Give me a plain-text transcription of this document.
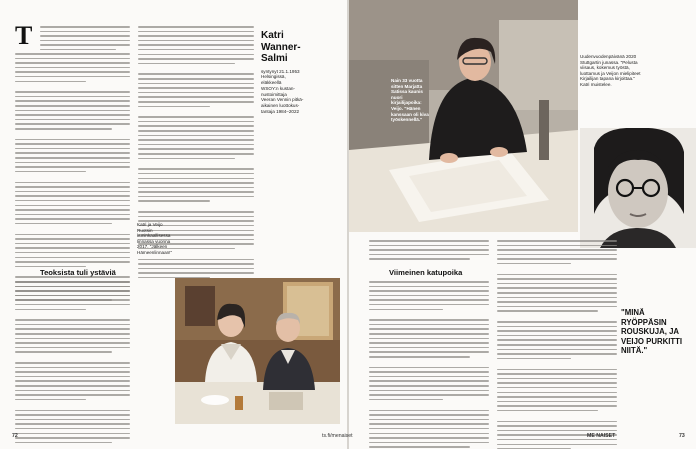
T
Teoksista tuli ystäviä
Katri
Wanner-
Salmi
syntynyt 21.1.1953
Helsingissä,
eläkkeellä
WSOY:n kustan-
nustoimittaja
Veeran Vennin pitkä-
aikainen luottokus-
tantaja 1984–2022
Katri ja Veijo Ruotsin kuninkaallisessa linnassa vuonna 2017. "Jälkeen Hämeenlinnaan!"
72
Nain 33 vuotta sitten Marjatta Satissa kaunis nuori kirjailijapoika: Veijo. "Hänen kanssaan oli kiva työskennellä."
Uudenvuodenpäivänä 2020 Stuttgartin junassa. "Pelusta viisaus, kokemus työstä, luottamus ja Veijon mielipiteet Kirjailijan tapana kirjoittaa." Katri muistelee.
Viimeinen katupoika
ME NAISET	73
ts.fi/menaiset
"MINÄ RYÖPPÄSIN ROUSKUJA, JA VEIJO PURKITTI NIITÄ."
